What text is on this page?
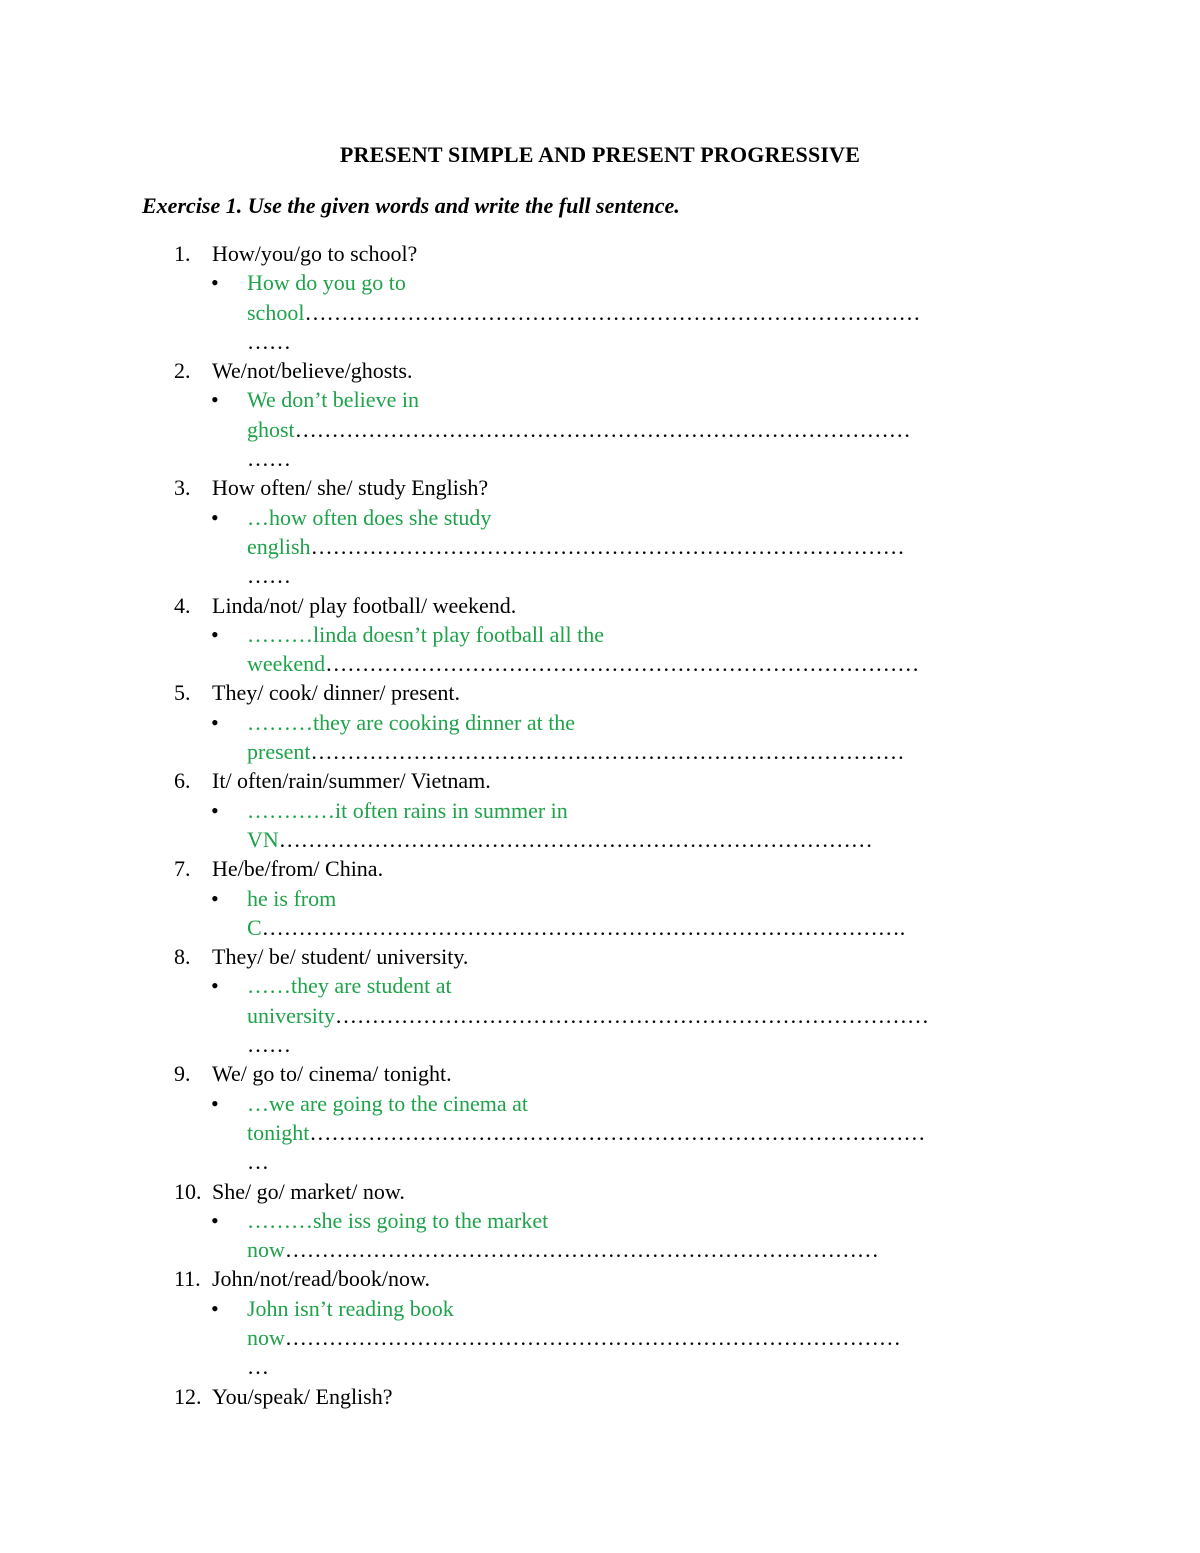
PRESENT SIMPLE AND PRESENT PROGRESSIVE
Exercise 1. Use the given words and write the full sentence.
1. How/you/go to school?
• How do you go to
school…………………………………………………………………………
……
2. We/not/believe/ghosts.
• We don’t believe in
ghost…………………………………………………………………………
……
3. How often/ she/ study English?
• …how often does she study
english………………………………………………………………………
……
4. Linda/not/ play football/ weekend.
• ………linda doesn’t play football all the
weekend………………………………………………………………………
5. They/ cook/ dinner/ present.
• ………they are cooking dinner at the
present………………………………………………………………………
6. It/ often/rain/summer/ Vietnam.
• …………it often rains in summer in
VN………………………………………………………………………
7. He/be/from/ China.
• he is from
C…………………………………………………………………………….
8. They/ be/ student/ university.
• ……they are student at
university………………………………………………………………………
……
9. We/ go to/ cinema/ tonight.
• …we are going to the cinema at
tonight…………………………………………………………………………
…
10. She/ go/ market/ now.
• ………she iss going to the market
now………………………………………………………………………
11. John/not/read/book/now.
• John isn’t reading book
now…………………………………………………………………………
…
12. You/speak/ English?
